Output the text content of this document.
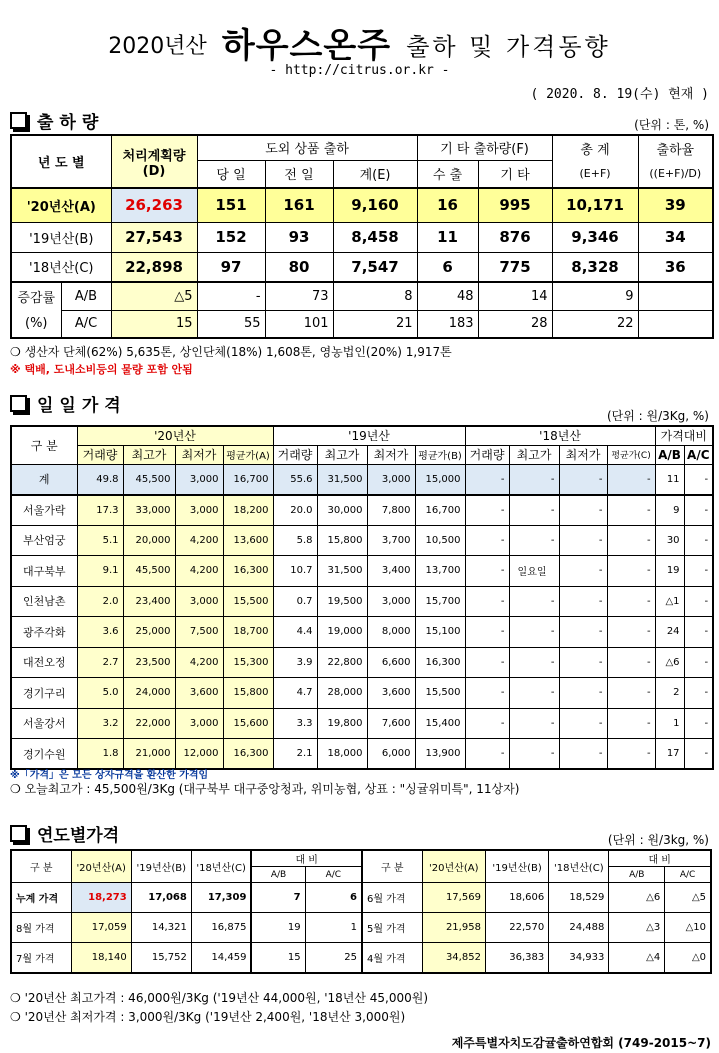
2020년산 하우스온주 출하 및 가격동향
- http://citrus.or.kr -
( 2020. 8. 19(수) 현재 )
출하량	(단위 : 톤, %)
년 도 별		처리계획량
(D)	도외 상품 출하			기 타 출하량(F)		총 계	출하율
			당 일	전 일	계(E)	수 출	기 타	(E+F)	((E+F)/D)
'20년산(A)		26,263	151	161	9,160	16	995	10,171	39
'19년산(B)		27,543	152	93	8,458	11	876	9,346	34
'18년산(C)		22,898	97	80	7,547	6	775	8,328	36
증감률	A/B	△5	-	73	8	48	14	9	
(%)	A/C	15	55	101	21	183	28	22	
❍ 생산자 단체(62%) 5,635톤, 상인단체(18%) 1,608톤, 영농법인(20%) 1,917톤
※ 택배, 도내소비등의 물량 포함 안됨
일일가격	(단위 : 원/3Kg, %)
구 분	'20년산				'19년산				'18년산				가격대비	
	거래량	최고가	최저가	평균가(A)	거래량	최고가	최저가	평균가(B)	거래량	최고가	최저가	평균가(C)	A/B	A/C
계	49.8	45,500	3,000	16,700	55.6	31,500	3,000	15,000	-	-	-	-	11	-
서울가락	17.3	33,000	3,000	18,200	20.0	30,000	7,800	16,700	-	-	-	-	9	-
부산엄궁	5.1	20,000	4,200	13,600	5.8	15,800	3,700	10,500	-	-	-	-	30	-
대구북부	9.1	45,500	4,200	16,300	10.7	31,500	3,400	13,700	-	일요일	-	-	19	-
인천남촌	2.0	23,400	3,000	15,500	0.7	19,500	3,000	15,700	-	-	-	-	△1	-
광주각화	3.6	25,000	7,500	18,700	4.4	19,000	8,000	15,100	-	-	-	-	24	-
대전오정	2.7	23,500	4,200	15,300	3.9	22,800	6,600	16,300	-	-	-	-	△6	-
경기구리	5.0	24,000	3,600	15,800	4.7	28,000	3,600	15,500	-	-	-	-	2	-
서울강서	3.2	22,000	3,000	15,600	3.3	19,800	7,600	15,400	-	-	-	-	1	-
경기수원	1.8	21,000	12,000	16,300	2.1	18,000	6,000	13,900	-	-	-	-	17	-
※「가격」은 모든 상자규격을 환산한 가격임
❍ 오늘최고가 : 45,500원/3Kg (대구북부 대구중앙청과, 위미농협, 상표 : "싱귤위미특", 11상자)
연도별가격	(단위 : 원/3kg, %)
구 분	'20년산(A)	'19년산(B)	'18년산(C)	대 비		구 분	'20년산(A)	'19년산(B)	'18년산(C)	대 비	
				A/B	A/C					A/B	A/C
누계 가격	18,273	17,068	17,309	7	6	6월 가격	17,569	18,606	18,529	△6	△5
8월 가격	17,059	14,321	16,875	19	1	5월 가격	21,958	22,570	24,488	△3	△10
7월 가격	18,140	15,752	14,459	15	25	4월 가격	34,852	36,383	34,933	△4	△0
❍ '20년산 최고가격 : 46,000원/3Kg ('19년산 44,000원, '18년산 45,000원)
❍ '20년산 최저가격 : 3,000원/3Kg ('19년산 2,400원, '18년산 3,000원)
제주특별자치도감귤출하연합회 (749-2015~7)
